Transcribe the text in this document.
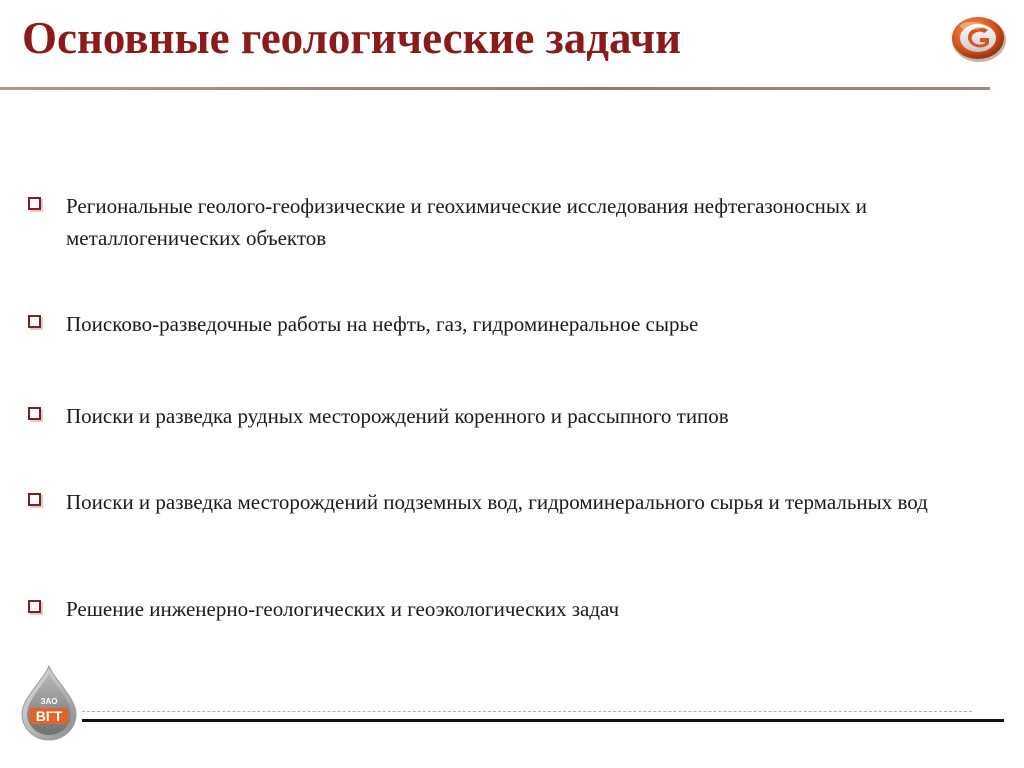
Основные геологические задачи
Региональные геолого-геофизические и геохимические исследования нефтегазоносных и металлогенических объектов
Поисково-разведочные работы на нефть, газ, гидроминеральное сырье
Поиски и разведка рудных месторождений коренного и рассыпного типов
Поиски и разведка месторождений подземных вод, гидроминерального сырья и термальных вод
Решение инженерно-геологических и геоэкологических задач
ЗАО
ВГТ
